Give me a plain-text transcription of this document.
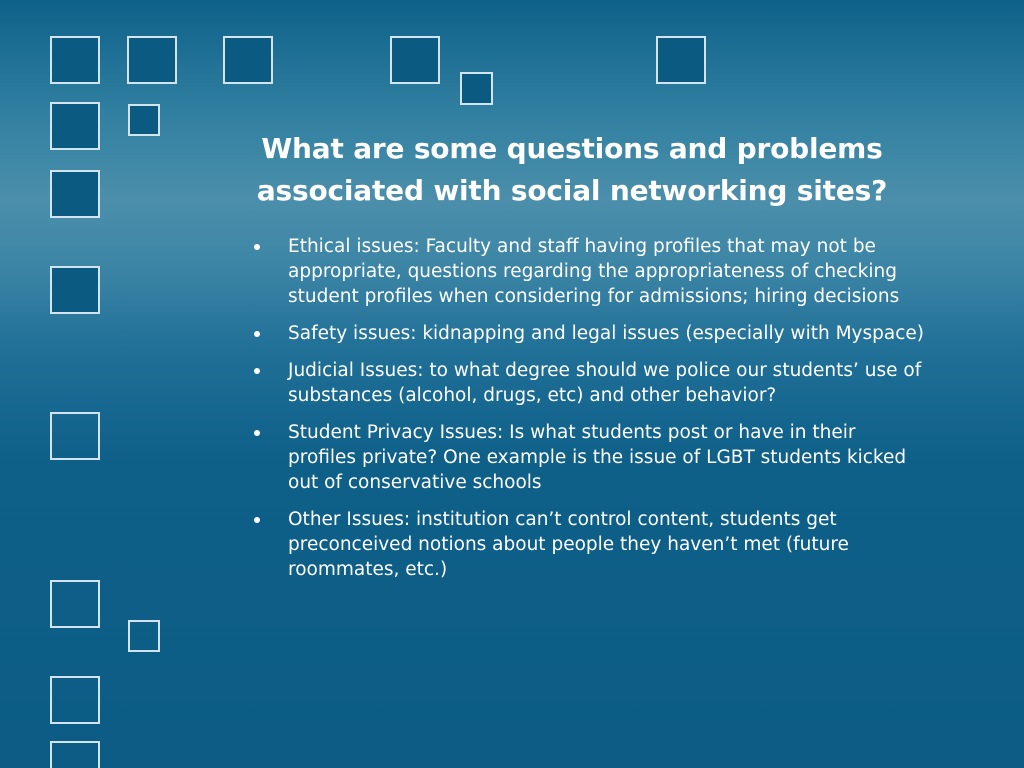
What are some questions and problems associated with social networking sites?
Ethical issues: Faculty and staff having profiles that may not be appropriate, questions regarding the appropriateness of checking student profiles when considering for admissions; hiring decisions
Safety issues: kidnapping and legal issues (especially with Myspace)
Judicial Issues: to what degree should we police our students’ use of substances (alcohol, drugs, etc) and other behavior?
Student Privacy Issues: Is what students post or have in their profiles private? One example is the issue of LGBT students kicked out of conservative schools
Other Issues: institution can’t control content, students get preconceived notions about people they haven’t met (future roommates, etc.)
